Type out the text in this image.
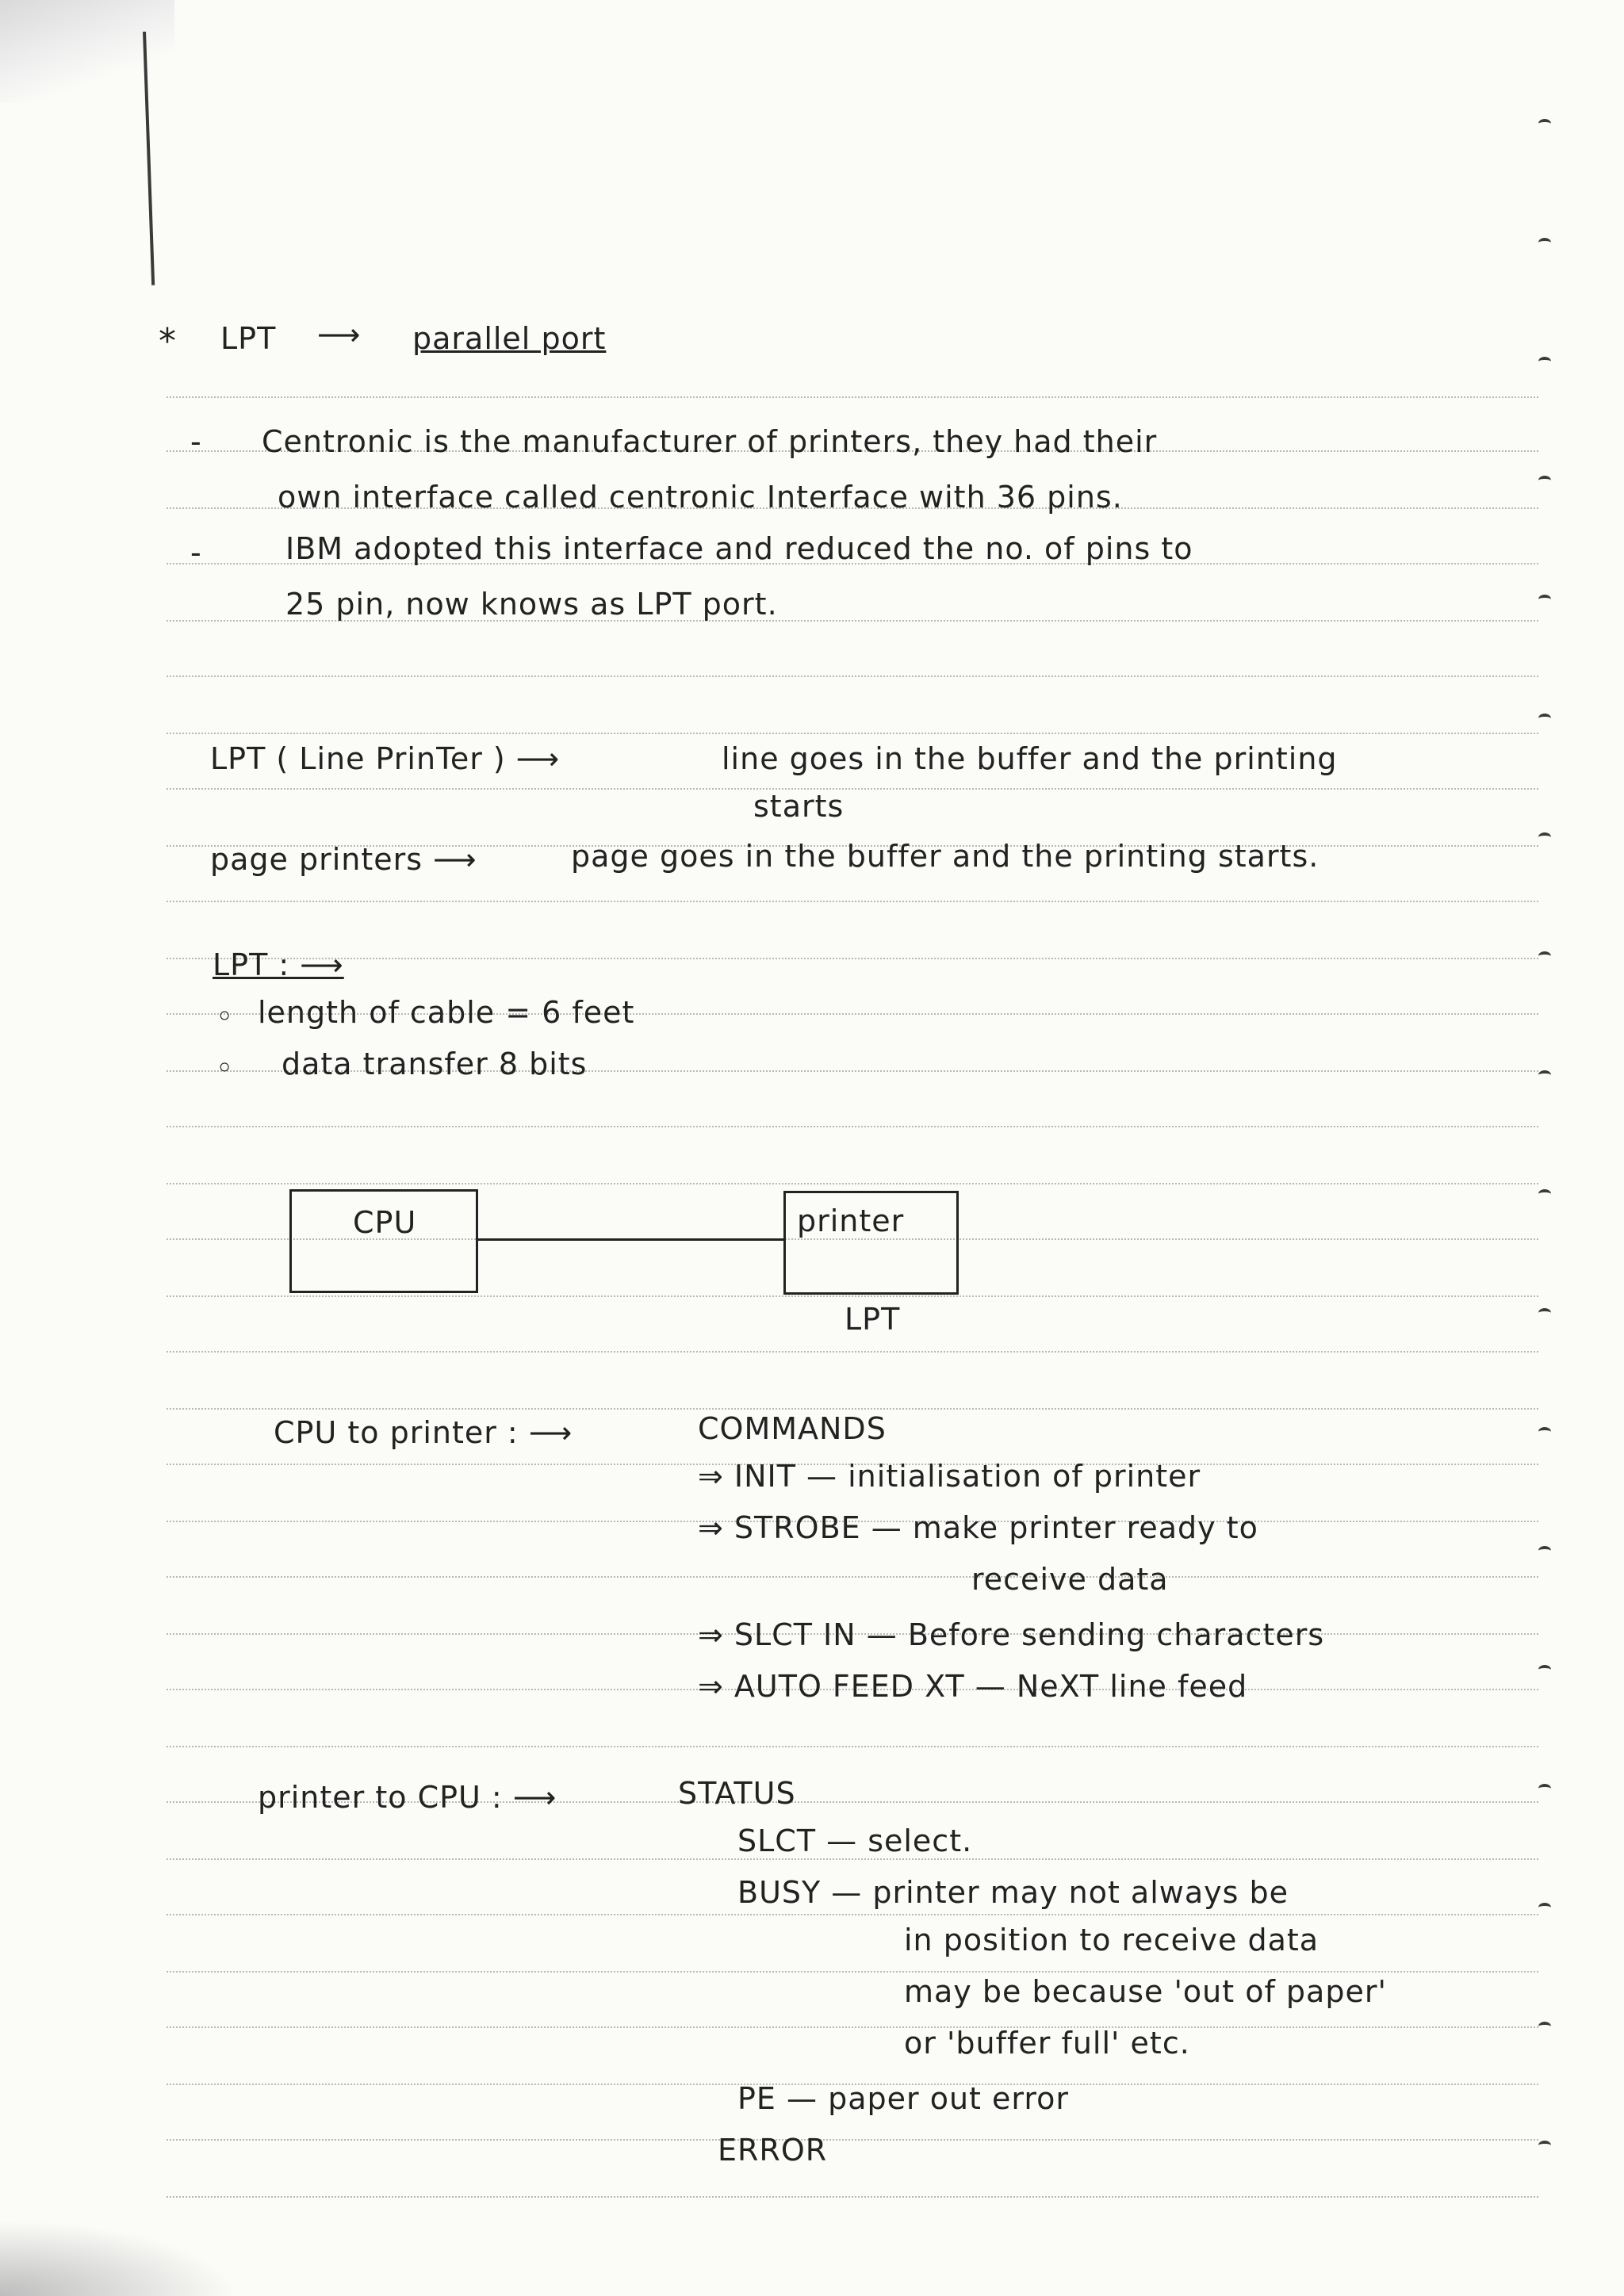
* LPT ⟶ parallel port
- Centronic is the manufacturer of printers, they had their
own interface called centronic Interface with 36 pins.
-	IBM adopted this interface and reduced the no. of pins to
25 pin, now knows as LPT port.
LPT ( Line PrinTer ) ⟶	line goes in the buffer and the printing
starts
page printers ⟶	page goes in the buffer and the printing starts.
LPT : ⟶
◦ length of cable = 6 feet
◦ data transfer 8 bits
CPU	printer
LPT
CPU to printer : ⟶	COMMANDS
⇒ INIT — initialisation of printer
⇒ STROBE — make printer ready to
receive data
⇒ SLCT IN — Before sending characters
⇒ AUTO FEED XT — NeXT line feed
printer to CPU : ⟶	STATUS
SLCT — select.
BUSY — printer may not always be
in position to receive data
may be because 'out of paper'
or 'buffer full' etc.
PE — paper out error
ERROR
